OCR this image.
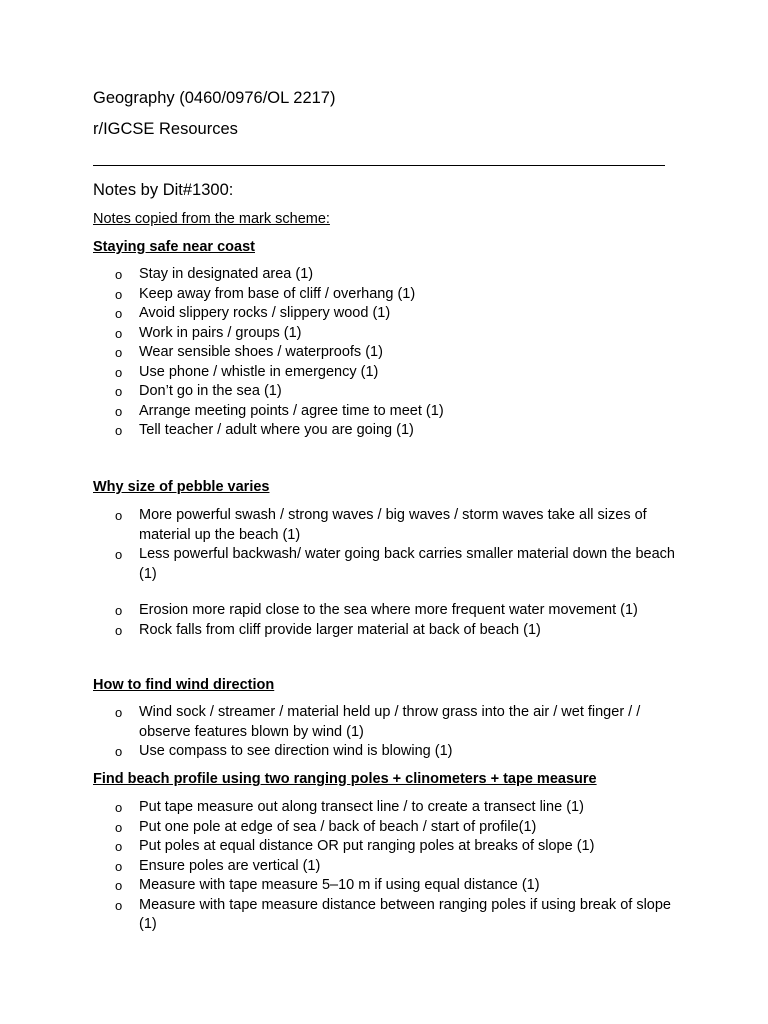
Geography (0460/0976/OL 2217)
r/IGCSE Resources
Notes by Dit#1300:
Notes copied from the mark scheme:
Staying safe near coast
o Stay in designated area (1)
o Keep away from base of cliff / overhang (1)
o Avoid slippery rocks / slippery wood (1)
o Work in pairs / groups (1)
o Wear sensible shoes / waterproofs (1)
o Use phone / whistle in emergency (1)
o Don’t go in the sea (1)
o Arrange meeting points / agree time to meet (1)
o Tell teacher / adult where you are going (1)
Why size of pebble varies
o More powerful swash / strong waves / big waves / storm waves take all sizes of material up the beach (1)
o Less powerful backwash/ water going back carries smaller material down the beach (1)
o Erosion more rapid close to the sea where more frequent water movement (1)
o Rock falls from cliff provide larger material at back of beach (1)
How to find wind direction
o Wind sock / streamer / material held up / throw grass into the air / wet finger / / observe features blown by wind (1)
o Use compass to see direction wind is blowing (1)
Find beach profile using two ranging poles + clinometers + tape measure
o Put tape measure out along transect line / to create a transect line (1)
o Put one pole at edge of sea / back of beach / start of profile(1)
o Put poles at equal distance OR put ranging poles at breaks of slope (1)
o Ensure poles are vertical (1)
o Measure with tape measure 5–10 m if using equal distance (1)
o Measure with tape measure distance between ranging poles if using break of slope (1)
